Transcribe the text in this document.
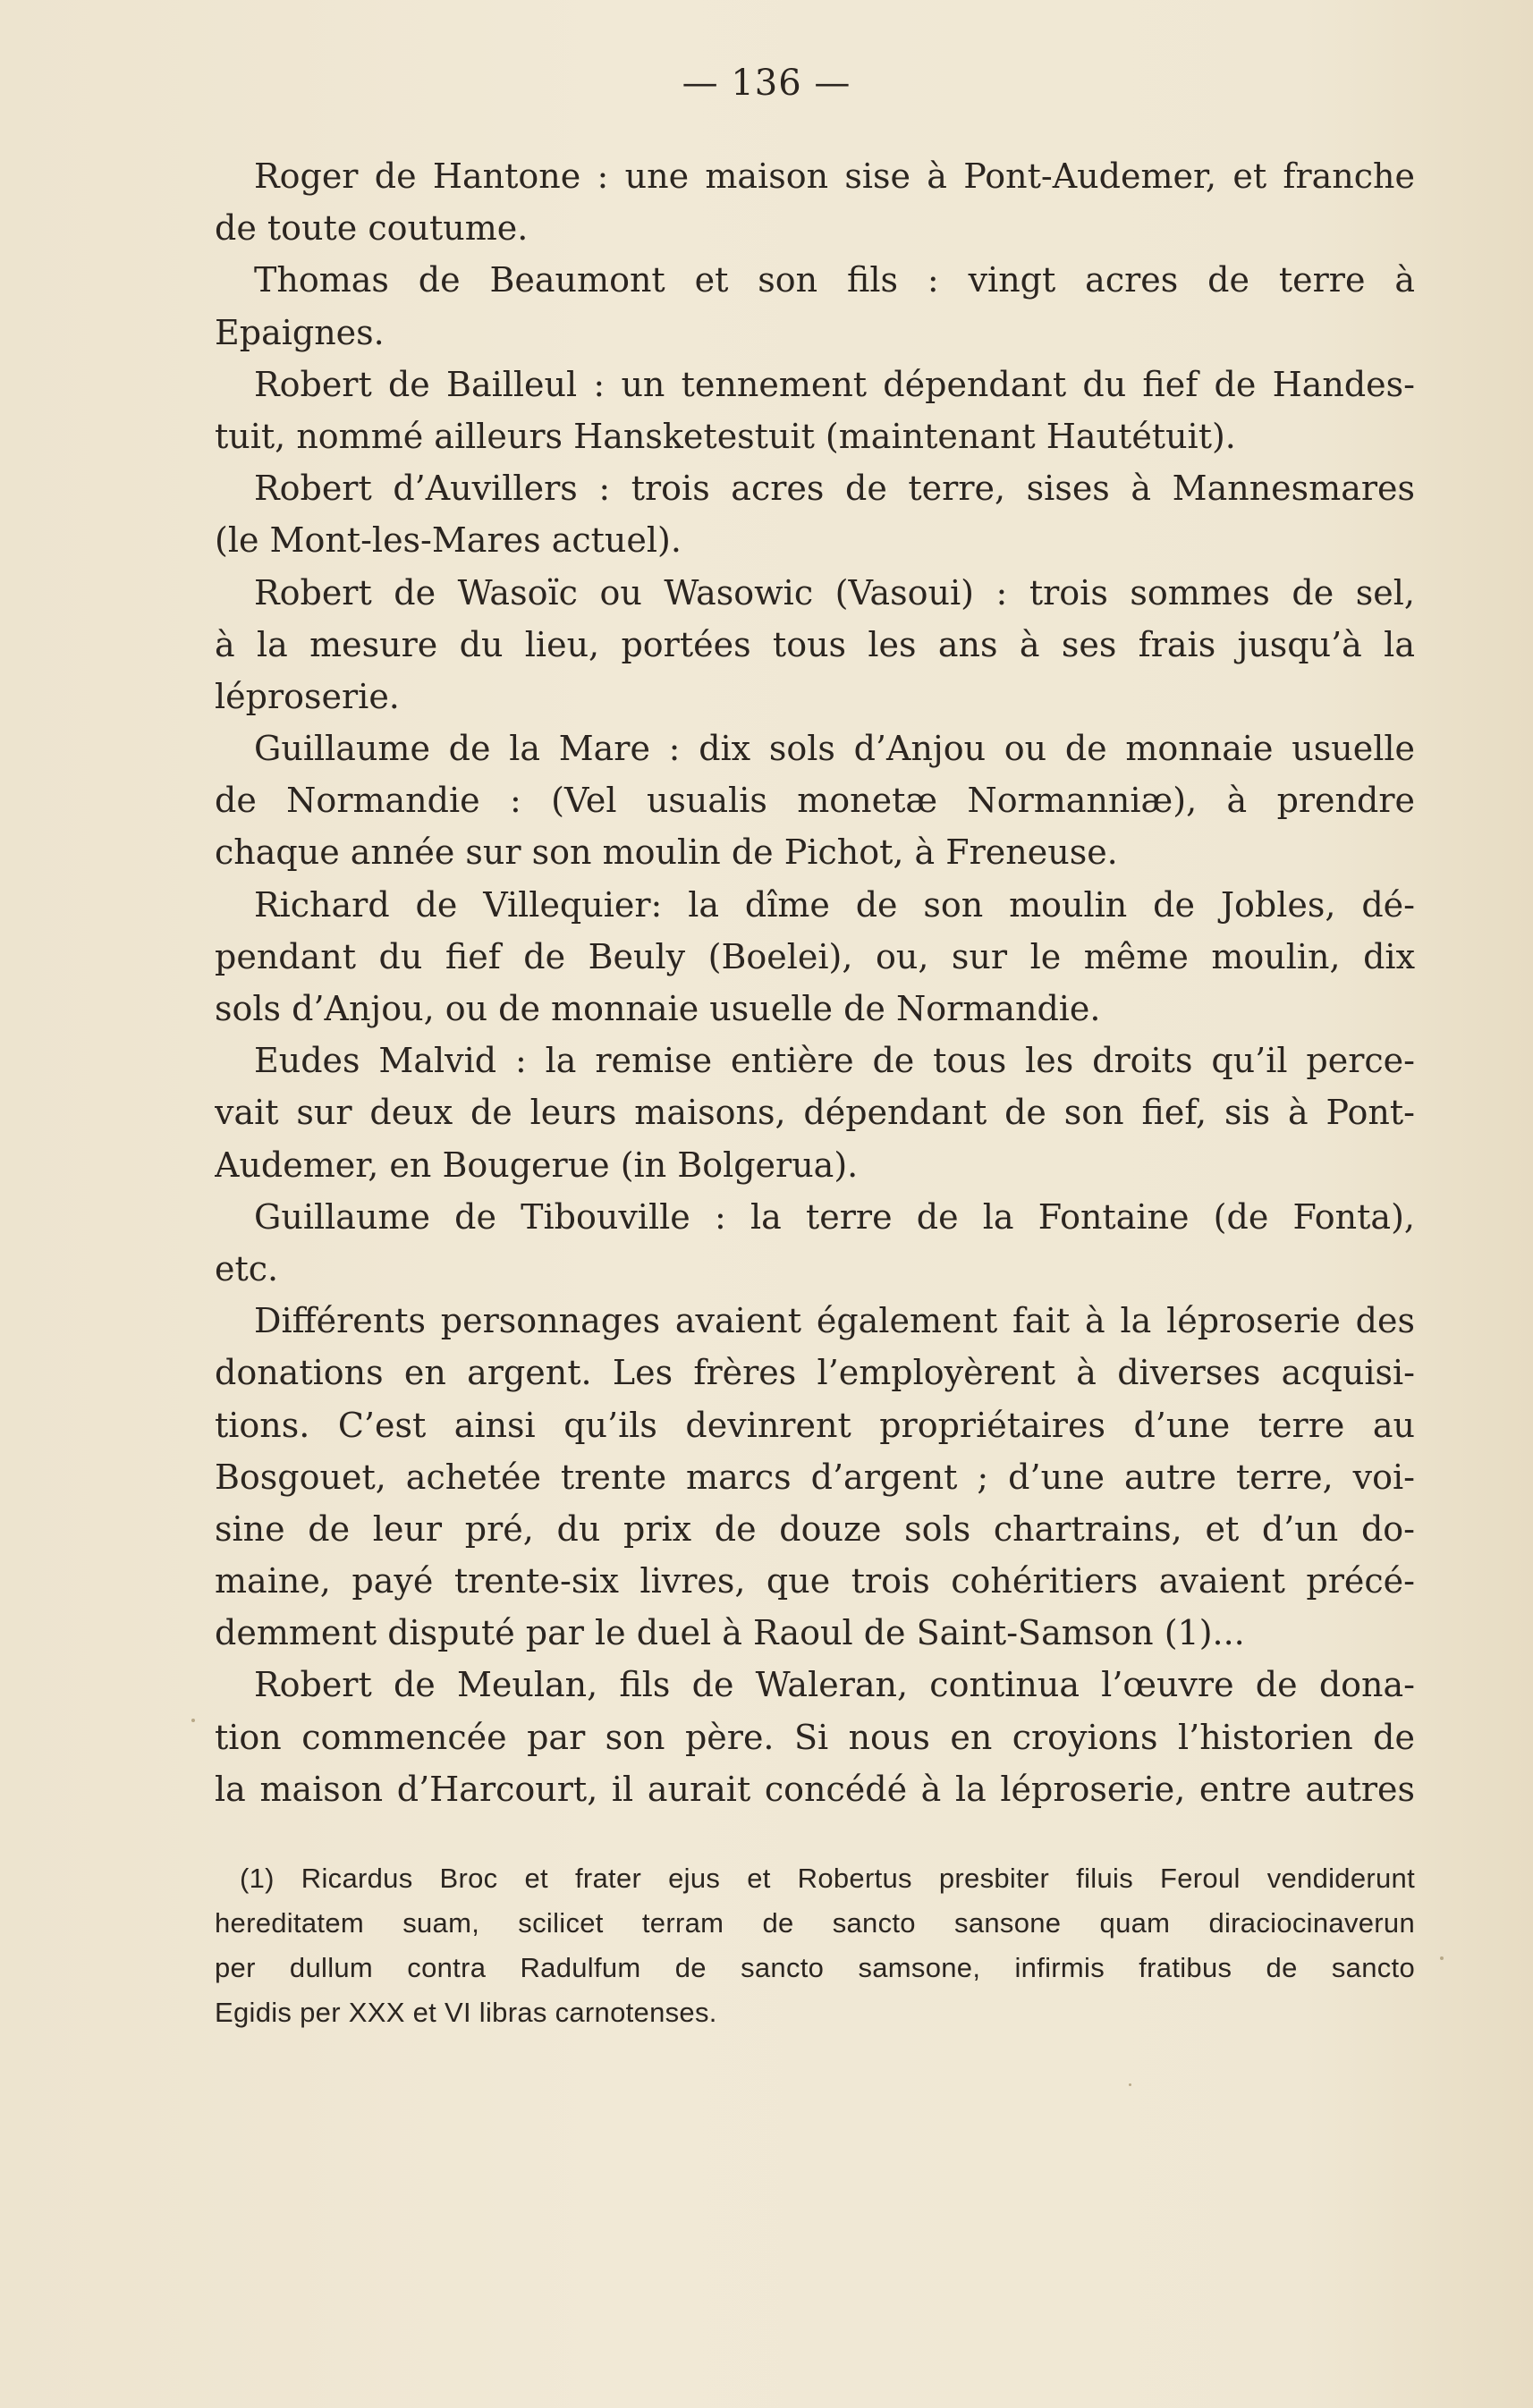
— 136 —
Roger de Hantone : une maison sise à Pont-Audemer, et franche
de toute coutume.
Thomas de Beaumont et son fils : vingt acres de terre à
Epaignes.
Robert de Bailleul : un tennement dépendant du fief de Handes-
tuit, nommé ailleurs Hansketestuit (maintenant Hautétuit).
Robert d’Auvillers : trois acres de terre, sises à Mannesmares
(le Mont-les-Mares actuel).
Robert de Wasoïc ou Wasowic (Vasoui) : trois sommes de sel,
à la mesure du lieu, portées tous les ans à ses frais jusqu’à la
léproserie.
Guillaume de la Mare : dix sols d’Anjou ou de monnaie usuelle
de Normandie : (Vel usualis monetæ Normanniæ), à prendre
chaque année sur son moulin de Pichot, à Freneuse.
Richard de Villequier: la dîme de son moulin de Jobles, dé-
pendant du fief de Beuly (Boelei), ou, sur le même moulin, dix
sols d’Anjou, ou de monnaie usuelle de Normandie.
Eudes Malvid : la remise entière de tous les droits qu’il perce-
vait sur deux de leurs maisons, dépendant de son fief, sis à Pont-
Audemer, en Bougerue (in Bolgerua).
Guillaume de Tibouville : la terre de la Fontaine (de Fonta),
etc.
Différents personnages avaient également fait à la léproserie des
donations en argent. Les frères l’employèrent à diverses acquisi-
tions. C’est ainsi qu’ils devinrent propriétaires d’une terre au
Bosgouet, achetée trente marcs d’argent ; d’une autre terre, voi-
sine de leur pré, du prix de douze sols chartrains, et d’un do-
maine, payé trente-six livres, que trois cohéritiers avaient précé-
demment disputé par le duel à Raoul de Saint-Samson (1)...
Robert de Meulan, fils de Waleran, continua l’œuvre de dona-
tion commencée par son père. Si nous en croyions l’historien de
la maison d’Harcourt, il aurait concédé à la léproserie, entre autres
(1) Ricardus Broc et frater ejus et Robertus presbiter filuis Feroul vendiderunt
hereditatem suam, scilicet terram de sancto sansone quam diraciocinaverun
per dullum contra Radulfum de sancto samsone, infirmis fratibus de sancto
Egidis per XXX et VI libras carnotenses.
